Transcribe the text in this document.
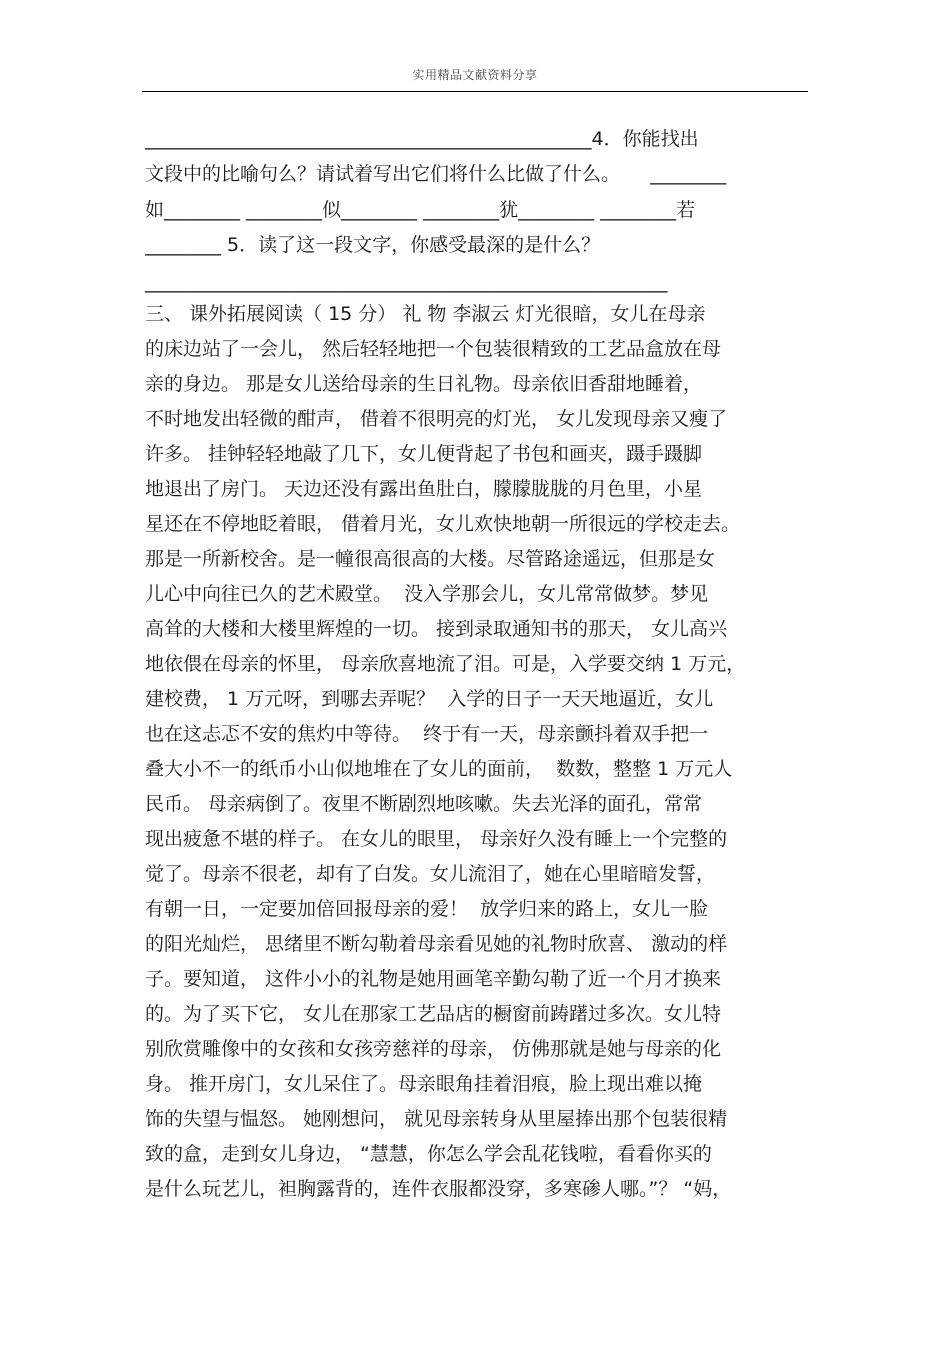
实用精品文献资料分享
_______________________________________________4．你能找出
文段中的比喻句么？请试着写出它们将什么比做了什么。     ________
如________ ________似________ ________犹________ ________若
________ 5．读了这一段文字，你感受最深的是什么？
_______________________________________________________
三、 课外拓展阅读（ 15 分） 礼 物 李淑云 灯光很暗，女儿在母亲
的床边站了一会儿， 然后轻轻地把一个包装很精致的工艺品盒放在母
亲的身边。 那是女儿送给母亲的生日礼物。母亲依旧香甜地睡着，
不时地发出轻微的酣声， 借着不很明亮的灯光， 女儿发现母亲又瘦了
许多。 挂钟轻轻地敲了几下，女儿便背起了书包和画夹，蹑手蹑脚
地退出了房门。 天边还没有露出鱼肚白，朦朦胧胧的月色里，小星
星还在不停地眨着眼， 借着月光，女儿欢快地朝一所很远的学校走去。
那是一所新校舍。是一幢很高很高的大楼。尽管路途遥远，但那是女
儿心中向往已久的艺术殿堂。  没入学那会儿，女儿常常做梦。梦见
高耸的大楼和大楼里辉煌的一切。 接到录取通知书的那天， 女儿高兴
地依偎在母亲的怀里， 母亲欣喜地流了泪。可是，入学要交纳 1 万元，
建校费， 1 万元呀，到哪去弄呢？  入学的日子一天天地逼近，女儿
也在这忐忑不安的焦灼中等待。  终于有一天，母亲颤抖着双手把一
叠大小不一的纸币小山似地堆在了女儿的面前，  数数，整整 1 万元人
民币。 母亲病倒了。夜里不断剧烈地咳嗽。失去光泽的面孔，常常
现出疲惫不堪的样子。 在女儿的眼里， 母亲好久没有睡上一个完整的
觉了。母亲不很老，却有了白发。女儿流泪了，她在心里暗暗发誓，
有朝一日，一定要加倍回报母亲的爱！  放学归来的路上，女儿一脸
的阳光灿烂， 思绪里不断勾勒着母亲看见她的礼物时欣喜、 激动的样
子。要知道， 这件小小的礼物是她用画笔辛勤勾勒了近一个月才换来
的。为了买下它， 女儿在那家工艺品店的橱窗前踌躇过多次。女儿特
别欣赏雕像中的女孩和女孩旁慈祥的母亲， 仿佛那就是她与母亲的化
身。 推开房门，女儿呆住了。母亲眼角挂着泪痕，脸上现出难以掩
饰的失望与愠怒。 她刚想问， 就见母亲转身从里屋捧出那个包装很精
致的盒，走到女儿身边， “慧慧，你怎么学会乱花钱啦，看看你买的
是什么玩艺儿，袒胸露背的，连件衣服都没穿，多寒碜人哪。”？ “妈，
